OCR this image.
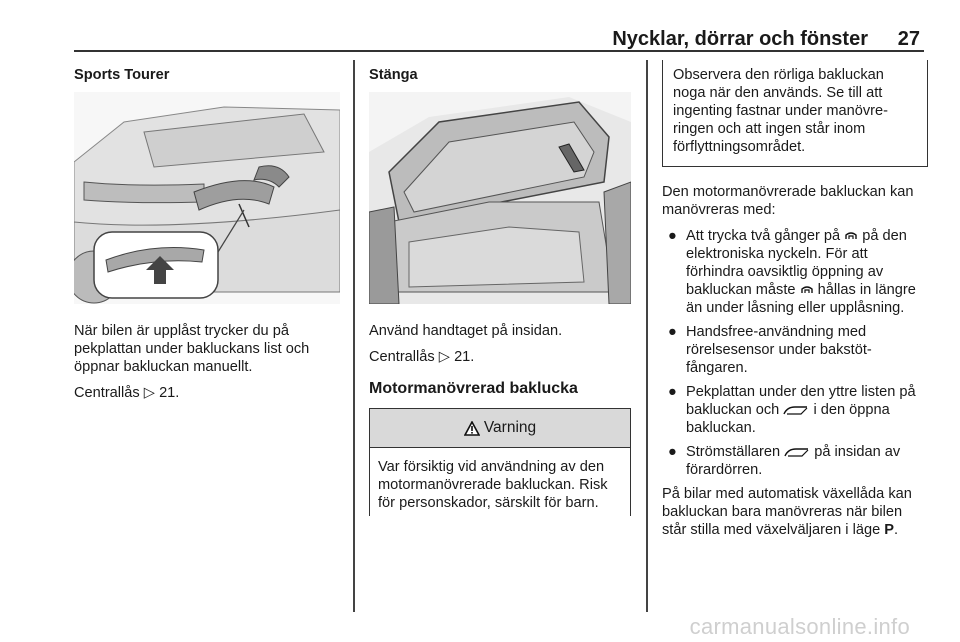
Nycklar, dörrar och fönster 27
Sports Tourer

När bilen är upplåst trycker du på pekplattan under bakluckans list och öppnar bakluckan manuellt.

Centrallås ▷ 21.

Stänga

Använd handtaget på insidan.

Centrallås ▷ 21.

Motormanövrerad baklucka
Varning
Var försiktig vid användning av den motormanövrerade bakluckan. Risk för personskador, särskilt för barn.
Observera den rörliga bakluckan noga när den används. Se till att ingenting fastnar under manövreringen och att ingen står inom förflyttningsområdet.

Den motormanövrerade bakluckan kan manövreras med:

● Att trycka två gånger på på den elektroniska nyckeln. För att förhindra oavsiktlig öppning av bakluckan måste hållas in längre än under låsning eller upplåsning.
● Handsfree-användning med rörelsesensor under bakstötfångaren.
● Pekplattan under den yttre listen på bakluckan och i den öppna bakluckan.
● Strömställaren på insidan av förardörren.

På bilar med automatisk växellåda kan bakluckan bara manövreras när bilen står stilla med växelväljaren i läge P.

carmanualsonline.info
